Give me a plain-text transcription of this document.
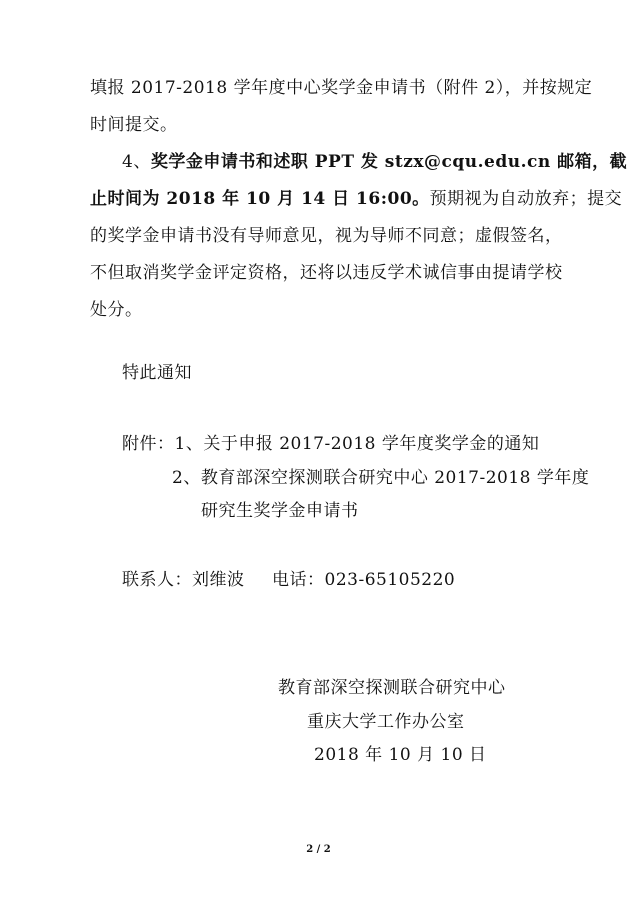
填报 2017-2018 学年度中心奖学金申请书（附件 2），并按规定
时间提交。
4、奖学金申请书和述职 PPT 发 stzx@cqu.edu.cn 邮箱，截
止时间为 2018 年 10 月 14 日 16:00。预期视为自动放弃；提交
的奖学金申请书没有导师意见，视为导师不同意；虚假签名，
不但取消奖学金评定资格，还将以违反学术诚信事由提请学校
处分。
特此通知
附件：1、关于申报 2017-2018 学年度奖学金的通知
2、教育部深空探测联合研究中心 2017-2018 学年度
研究生奖学金申请书
联系人：刘维波 电话：023-65105220
教育部深空探测联合研究中心
重庆大学工作办公室
2018 年 10 月 10 日
2 / 2
